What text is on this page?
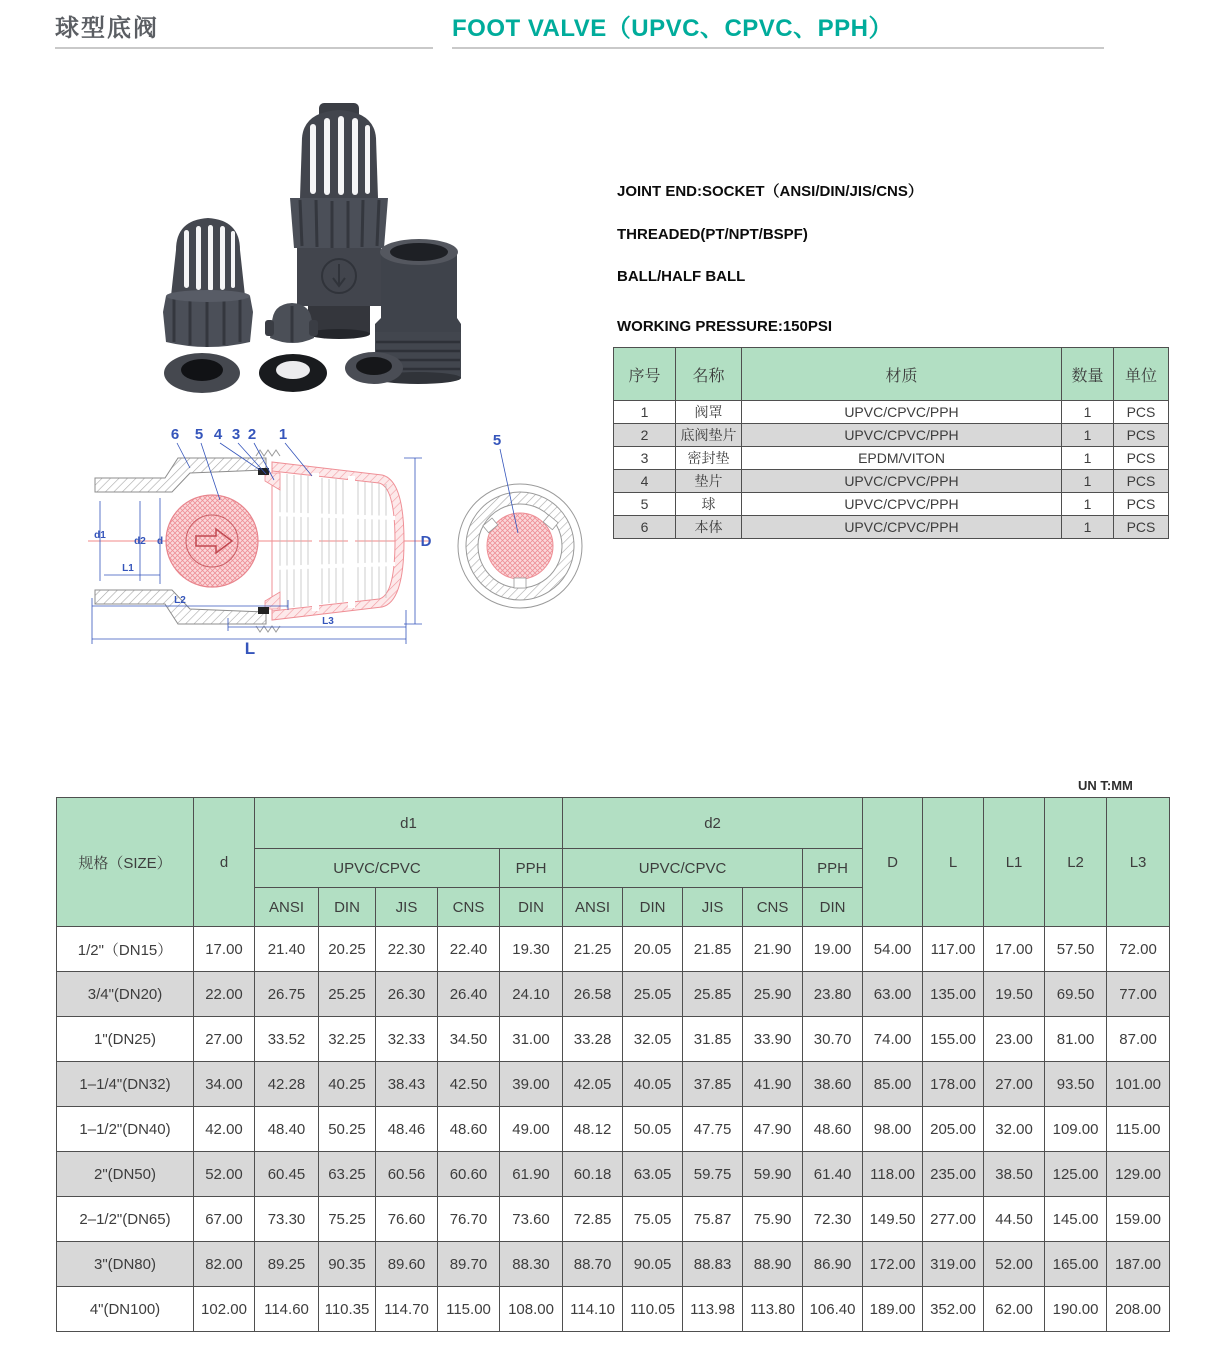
球型底阀	FOOT VALVE（UPVC、CPVC、PPH）
JOINT END:SOCKET（ANSI/DIN/JIS/CNS）
THREADED(PT/NPT/BSPF)
BALL/HALF BALL
WORKING PRESSURE:150PSI
序号	名称	材质	数量	单位
1	阀罩	UPVC/CPVC/PPH	1	PCS
2	底阀垫片	UPVC/CPVC/PPH	1	PCS
3	密封垫	EPDM/VITON	1	PCS
4	垫片	UPVC/CPVC/PPH	1	PCS
5	球	UPVC/CPVC/PPH	1	PCS
6	本体	UPVC/CPVC/PPH	1	PCS
6 5 4 3 2 1
d1
d2 d
L1
L2
L3
L
D
5
UN T:MM
规格（SIZE）	d	d1					d2					D	L	L1	L2	L3
		UPVC/CPVC				PPH	UPVC/CPVC				PPH					
		ANSI	DIN	JIS	CNS	DIN	ANSI	DIN	JIS	CNS	DIN					
1/2"（DN15）	17.00	21.40	20.25	22.30	22.40	19.30	21.25	20.05	21.85	21.90	19.00	54.00	117.00	17.00	57.50	72.00
3/4"(DN20)	22.00	26.75	25.25	26.30	26.40	24.10	26.58	25.05	25.85	25.90	23.80	63.00	135.00	19.50	69.50	77.00
1"(DN25)	27.00	33.52	32.25	32.33	34.50	31.00	33.28	32.05	31.85	33.90	30.70	74.00	155.00	23.00	81.00	87.00
1–1/4"(DN32)	34.00	42.28	40.25	38.43	42.50	39.00	42.05	40.05	37.85	41.90	38.60	85.00	178.00	27.00	93.50	101.00
1–1/2"(DN40)	42.00	48.40	50.25	48.46	48.60	49.00	48.12	50.05	47.75	47.90	48.60	98.00	205.00	32.00	109.00	115.00
2"(DN50)	52.00	60.45	63.25	60.56	60.60	61.90	60.18	63.05	59.75	59.90	61.40	118.00	235.00	38.50	125.00	129.00
2–1/2"(DN65)	67.00	73.30	75.25	76.60	76.70	73.60	72.85	75.05	75.87	75.90	72.30	149.50	277.00	44.50	145.00	159.00
3"(DN80)	82.00	89.25	90.35	89.60	89.70	88.30	88.70	90.05	88.83	88.90	86.90	172.00	319.00	52.00	165.00	187.00
4"(DN100)	102.00	114.60	110.35	114.70	115.00	108.00	114.10	110.05	113.98	113.80	106.40	189.00	352.00	62.00	190.00	208.00
